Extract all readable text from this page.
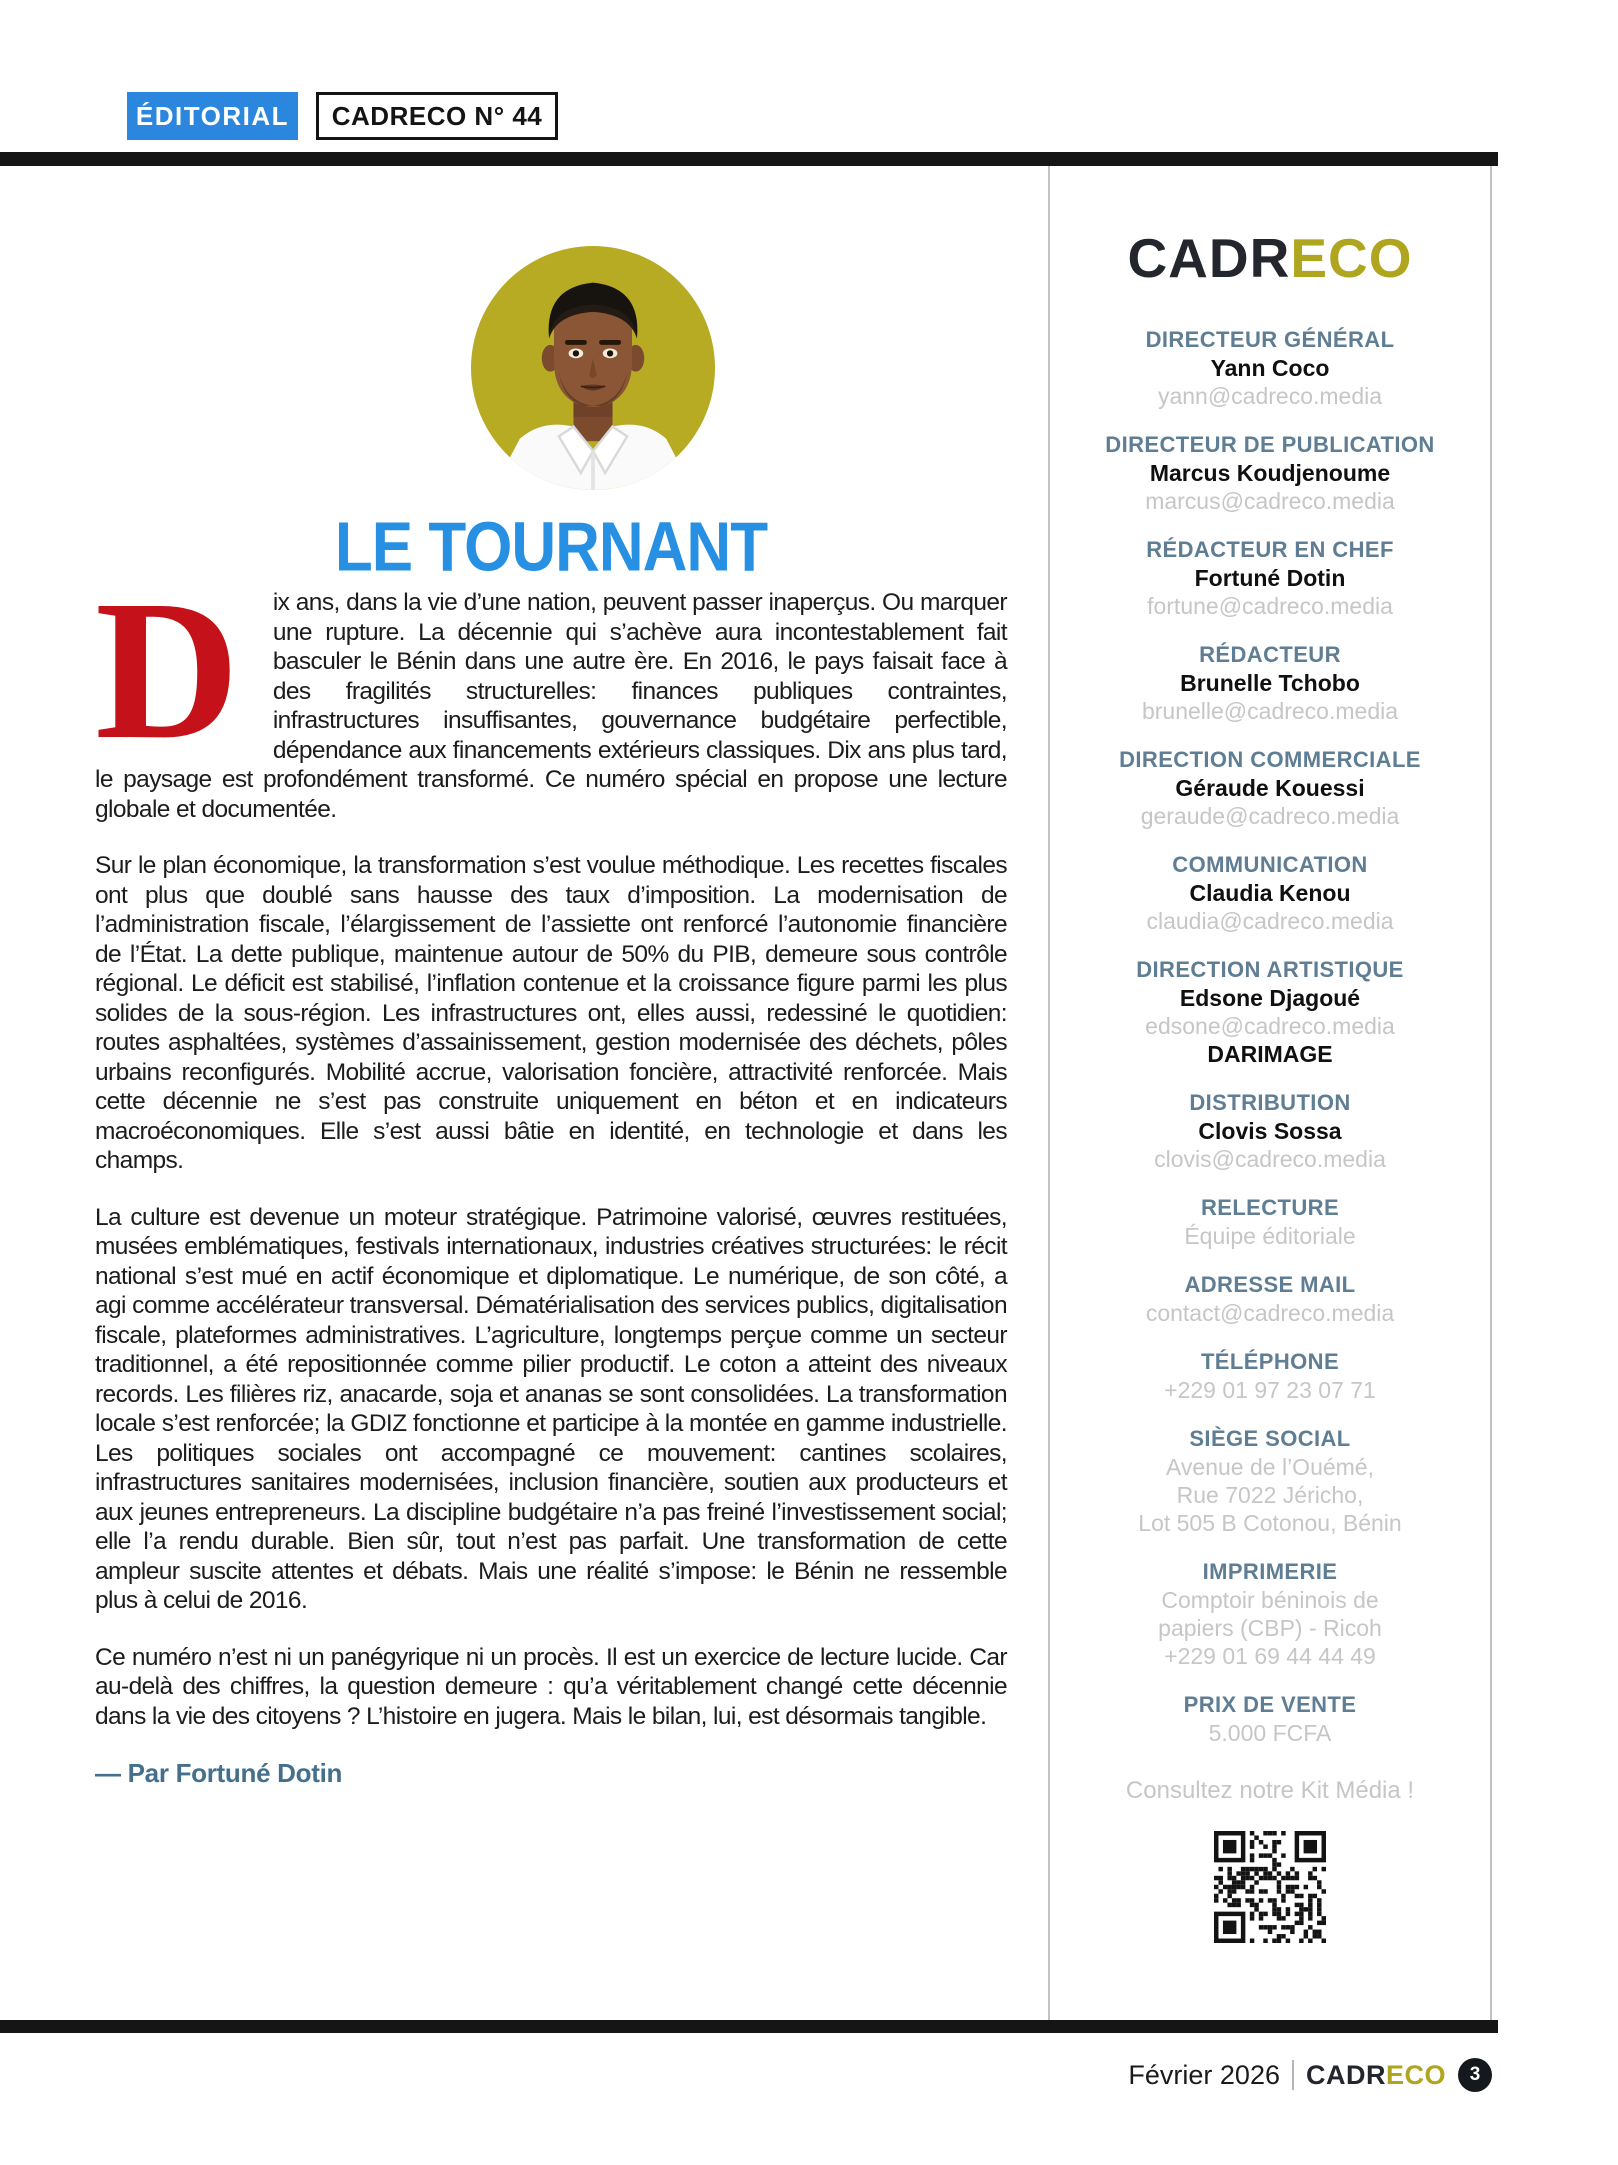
ÉDITORIAL	CADRECO N° 44
LE TOURNANT

D ix ans, dans la vie d’une nation, peuvent passer inaperçus. Ou marquer une rupture. La décennie qui s’achève aura incontestablement fait basculer le Bénin dans une autre ère. En 2016, le pays faisait face à des fragilités structurelles: finances publiques contraintes, infrastructures insuffisantes, gouvernance budgétaire perfectible, dépendance aux financements extérieurs classiques. Dix ans plus tard, le paysage est profondément transformé. Ce numéro spécial en propose une lecture globale et documentée.

Sur le plan économique, la transformation s’est voulue méthodique. Les recettes fiscales ont plus que doublé sans hausse des taux d’imposition. La modernisation de l’administration fiscale, l’élargissement de l’assiette ont renforcé l’autonomie financière de l’État. La dette publique, maintenue autour de 50% du PIB, demeure sous contrôle régional. Le déficit est stabilisé, l’inflation contenue et la croissance figure parmi les plus solides de la sous-région. Les infrastructures ont, elles aussi, redessiné le quotidien: routes asphaltées, systèmes d’assainissement, gestion modernisée des déchets, pôles urbains reconfigurés. Mobilité accrue, valorisation foncière, attractivité renforcée. Mais cette décennie ne s’est pas construite uniquement en béton et en indicateurs macroéconomiques. Elle s’est aussi bâtie en identité, en technologie et dans les champs.

La culture est devenue un moteur stratégique. Patrimoine valorisé, œuvres restituées, musées emblématiques, festivals internationaux, industries créatives structurées: le récit national s’est mué en actif économique et diplomatique. Le numérique, de son côté, a agi comme accélérateur transversal. Dématérialisation des services publics, digitalisation fiscale, plateformes administratives. L’agriculture, longtemps perçue comme un secteur traditionnel, a été repositionnée comme pilier productif. Le coton a atteint des niveaux records. Les filières riz, anacarde, soja et ananas se sont consolidées. La transformation locale s’est renforcée; la GDIZ fonctionne et participe à la montée en gamme industrielle. Les politiques sociales ont accompagné ce mouvement: cantines scolaires, infrastructures sanitaires modernisées, inclusion financière, soutien aux producteurs et aux jeunes entrepreneurs. La discipline budgétaire n’a pas freiné l’investissement social; elle l’a rendu durable. Bien sûr, tout n’est pas parfait. Une transformation de cette ampleur suscite attentes et débats. Mais une réalité s’impose: le Bénin ne ressemble plus à celui de 2016.

Ce numéro n’est ni un panégyrique ni un procès. Il est un exercice de lecture lucide. Car au-delà des chiffres, la question demeure : qu’a véritablement changé cette décennie dans la vie des citoyens ? L’histoire en jugera. Mais le bilan, lui, est désormais tangible.

— Par Fortuné Dotin
CADRECO
DIRECTEUR GÉNÉRAL
Yann Coco
yann@cadreco.media
DIRECTEUR DE PUBLICATION
Marcus Koudjenoume
marcus@cadreco.media
RÉDACTEUR EN CHEF
Fortuné Dotin
fortune@cadreco.media
RÉDACTEUR
Brunelle Tchobo
brunelle@cadreco.media
DIRECTION COMMERCIALE
Géraude Kouessi
geraude@cadreco.media
COMMUNICATION
Claudia Kenou
claudia@cadreco.media
DIRECTION ARTISTIQUE
Edsone Djagoué
edsone@cadreco.media
DARIMAGE
DISTRIBUTION
Clovis Sossa
clovis@cadreco.media
RELECTURE
Équipe éditoriale
ADRESSE MAIL
contact@cadreco.media
TÉLÉPHONE
+229 01 97 23 07 71
SIÈGE SOCIAL
Avenue de l’Ouémé,
Rue 7022 Jéricho,
Lot 505 B Cotonou, Bénin
IMPRIMERIE
Comptoir béninois de
papiers (CBP) - Ricoh
+229 01 69 44 44 49
PRIX DE VENTE
5.000 FCFA
Consultez notre Kit Média !
Février 2026 CADRECO	3
